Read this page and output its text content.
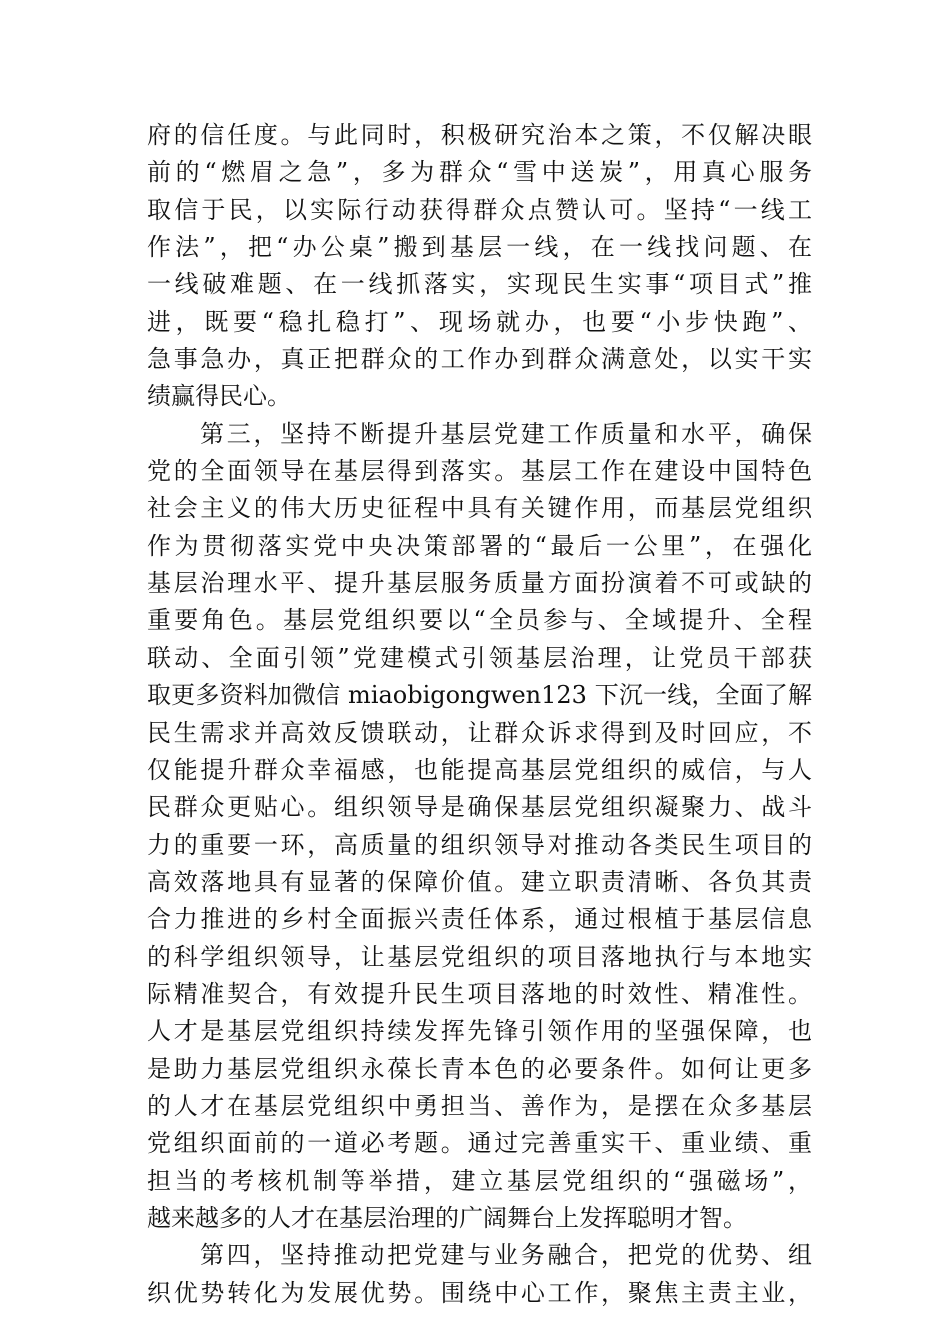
府的信任度。与此同时，积极研究治本之策，不仅解决眼
前的“燃眉之急”，多为群众“雪中送炭”，用真心服务
取信于民，以实际行动获得群众点赞认可。坚持“一线工
作法”，把“办公桌”搬到基层一线，在一线找问题、在
一线破难题、在一线抓落实，实现民生实事“项目式”推
进，既要“稳扎稳打”、现场就办，也要“小步快跑”、
急事急办，真正把群众的工作办到群众满意处，以实干实
绩赢得民心。
第三，坚持不断提升基层党建工作质量和水平，确保
党的全面领导在基层得到落实。基层工作在建设中国特色
社会主义的伟大历史征程中具有关键作用，而基层党组织
作为贯彻落实党中央决策部署的“最后一公里”，在强化
基层治理水平、提升基层服务质量方面扮演着不可或缺的
重要角色。基层党组织要以“全员参与、全域提升、全程
联动、全面引领”党建模式引领基层治理，让党员干部获
取更多资料加微信 miaobigongwen123 下沉一线，全面了解
民生需求并高效反馈联动，让群众诉求得到及时回应，不
仅能提升群众幸福感，也能提高基层党组织的威信，与人
民群众更贴心。组织领导是确保基层党组织凝聚力、战斗
力的重要一环，高质量的组织领导对推动各类民生项目的
高效落地具有显著的保障价值。建立职责清晰、各负其责
合力推进的乡村全面振兴责任体系，通过根植于基层信息
的科学组织领导，让基层党组织的项目落地执行与本地实
际精准契合，有效提升民生项目落地的时效性、精准性。
人才是基层党组织持续发挥先锋引领作用的坚强保障，也
是助力基层党组织永葆长青本色的必要条件。如何让更多
的人才在基层党组织中勇担当、善作为，是摆在众多基层
党组织面前的一道必考题。通过完善重实干、重业绩、重
担当的考核机制等举措，建立基层党组织的“强磁场”，
越来越多的人才在基层治理的广阔舞台上发挥聪明才智。
第四，坚持推动把党建与业务融合，把党的优势、组
织优势转化为发展优势。围绕中心工作，聚焦主责主业，
